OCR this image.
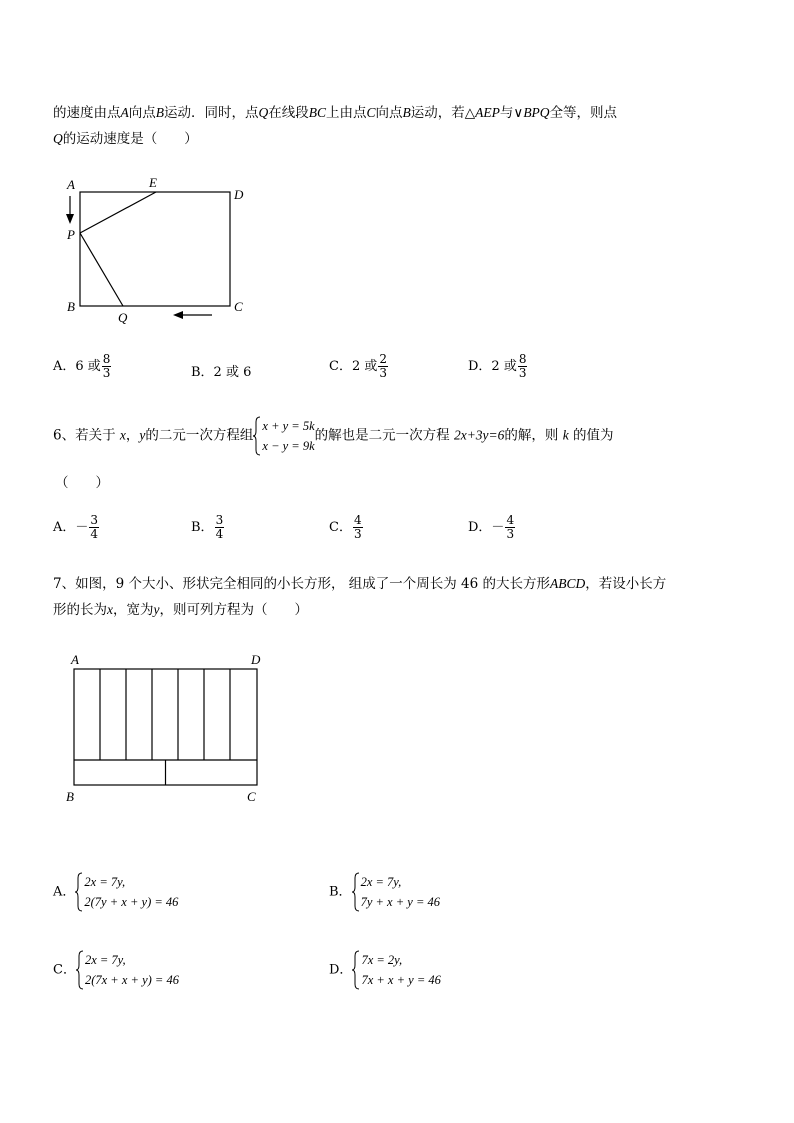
的速度由点A向点B运动．同时，点Q在线段BC上由点C向点B运动，若△AEP与∨BPQ全等，则点
Q的运动速度是（　　）
A	E
D
P
B
Q
C
A．6 或 $\frac{8}{3}$	B．2 或 6	C．2 或 $\frac{2}{3}$	D．2 或 $\frac{8}{3}$
6、若关于 x，y的二元一次方程组
x + y = 5k
x − y = 9k
的解也是二元一次方程 2x+3y=6的解，则 k 的值为
（　　）
A．－ $\frac{3}{4}$	B． $\frac{3}{4}$	C． $\frac{4}{3}$	D．－ $\frac{4}{3}$
7、如图，9 个大小、形状完全相同的小长方形， 组成了一个周长为 46 的大长方形ABCD，若设小长方
形的长为x，宽为y，则可列方程为（　　）
A	D
B	C
A．
2x = 7y,
2(7y + x + y) = 46
B．
2x = 7y,
7y + x + y = 46
C．
2x = 7y,
2(7x + x + y) = 46
D．
7x = 2y,
7x + x + y = 46
